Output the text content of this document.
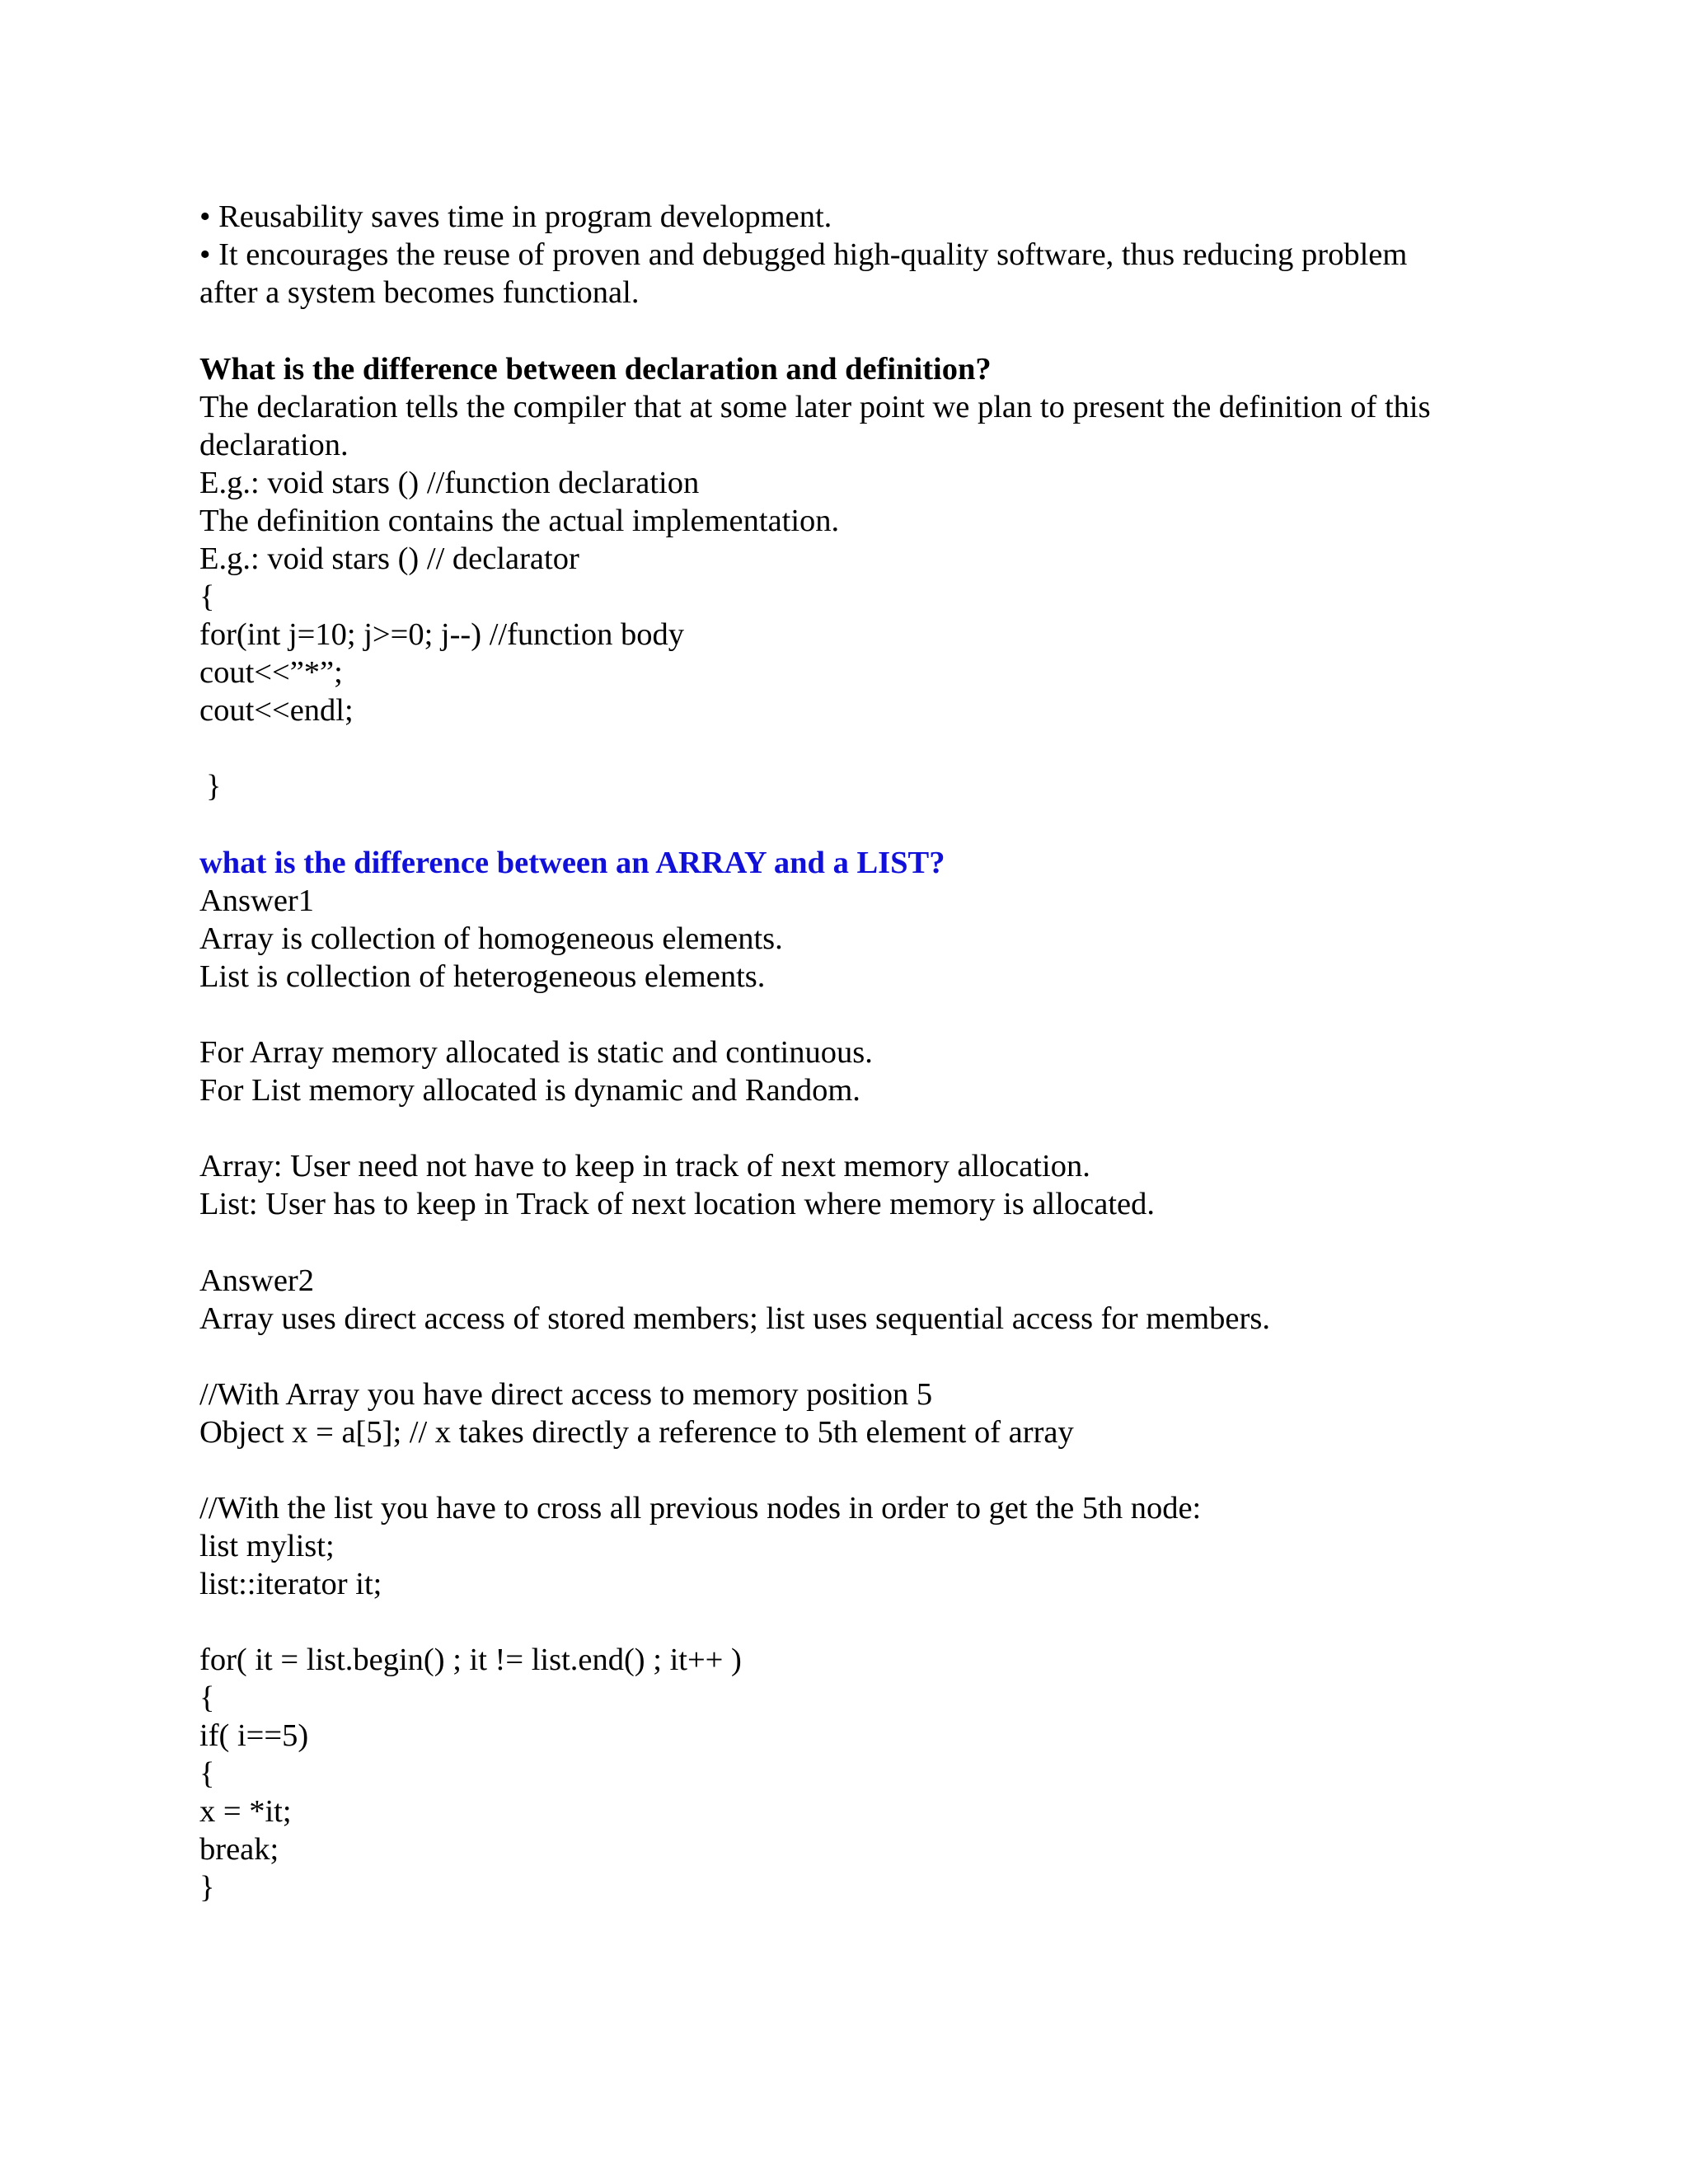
• Reusability saves time in program development.

• It encourages the reuse of proven and debugged high-quality software, thus reducing problem

after a system becomes functional.

What is the difference between declaration and definition?

The declaration tells the compiler that at some later point we plan to present the definition of this

declaration.

E.g.: void stars () //function declaration

The definition contains the actual implementation.

E.g.: void stars () // declarator

{

for(int j=10; j>=0; j--) //function body

cout<<”*”;

cout<<endl;

}

what is the difference between an ARRAY and a LIST?

Answer1

Array is collection of homogeneous elements.

List is collection of heterogeneous elements.

For Array memory allocated is static and continuous.

For List memory allocated is dynamic and Random.

Array: User need not have to keep in track of next memory allocation.

List: User has to keep in Track of next location where memory is allocated.

Answer2

Array uses direct access of stored members; list uses sequential access for members.

//With Array you have direct access to memory position 5

Object x = a[5]; // x takes directly a reference to 5th element of array

//With the list you have to cross all previous nodes in order to get the 5th node:

list mylist;

list::iterator it;

for( it = list.begin() ; it != list.end() ; it++ )

{

if( i==5)

{

x = *it;

break;

}
